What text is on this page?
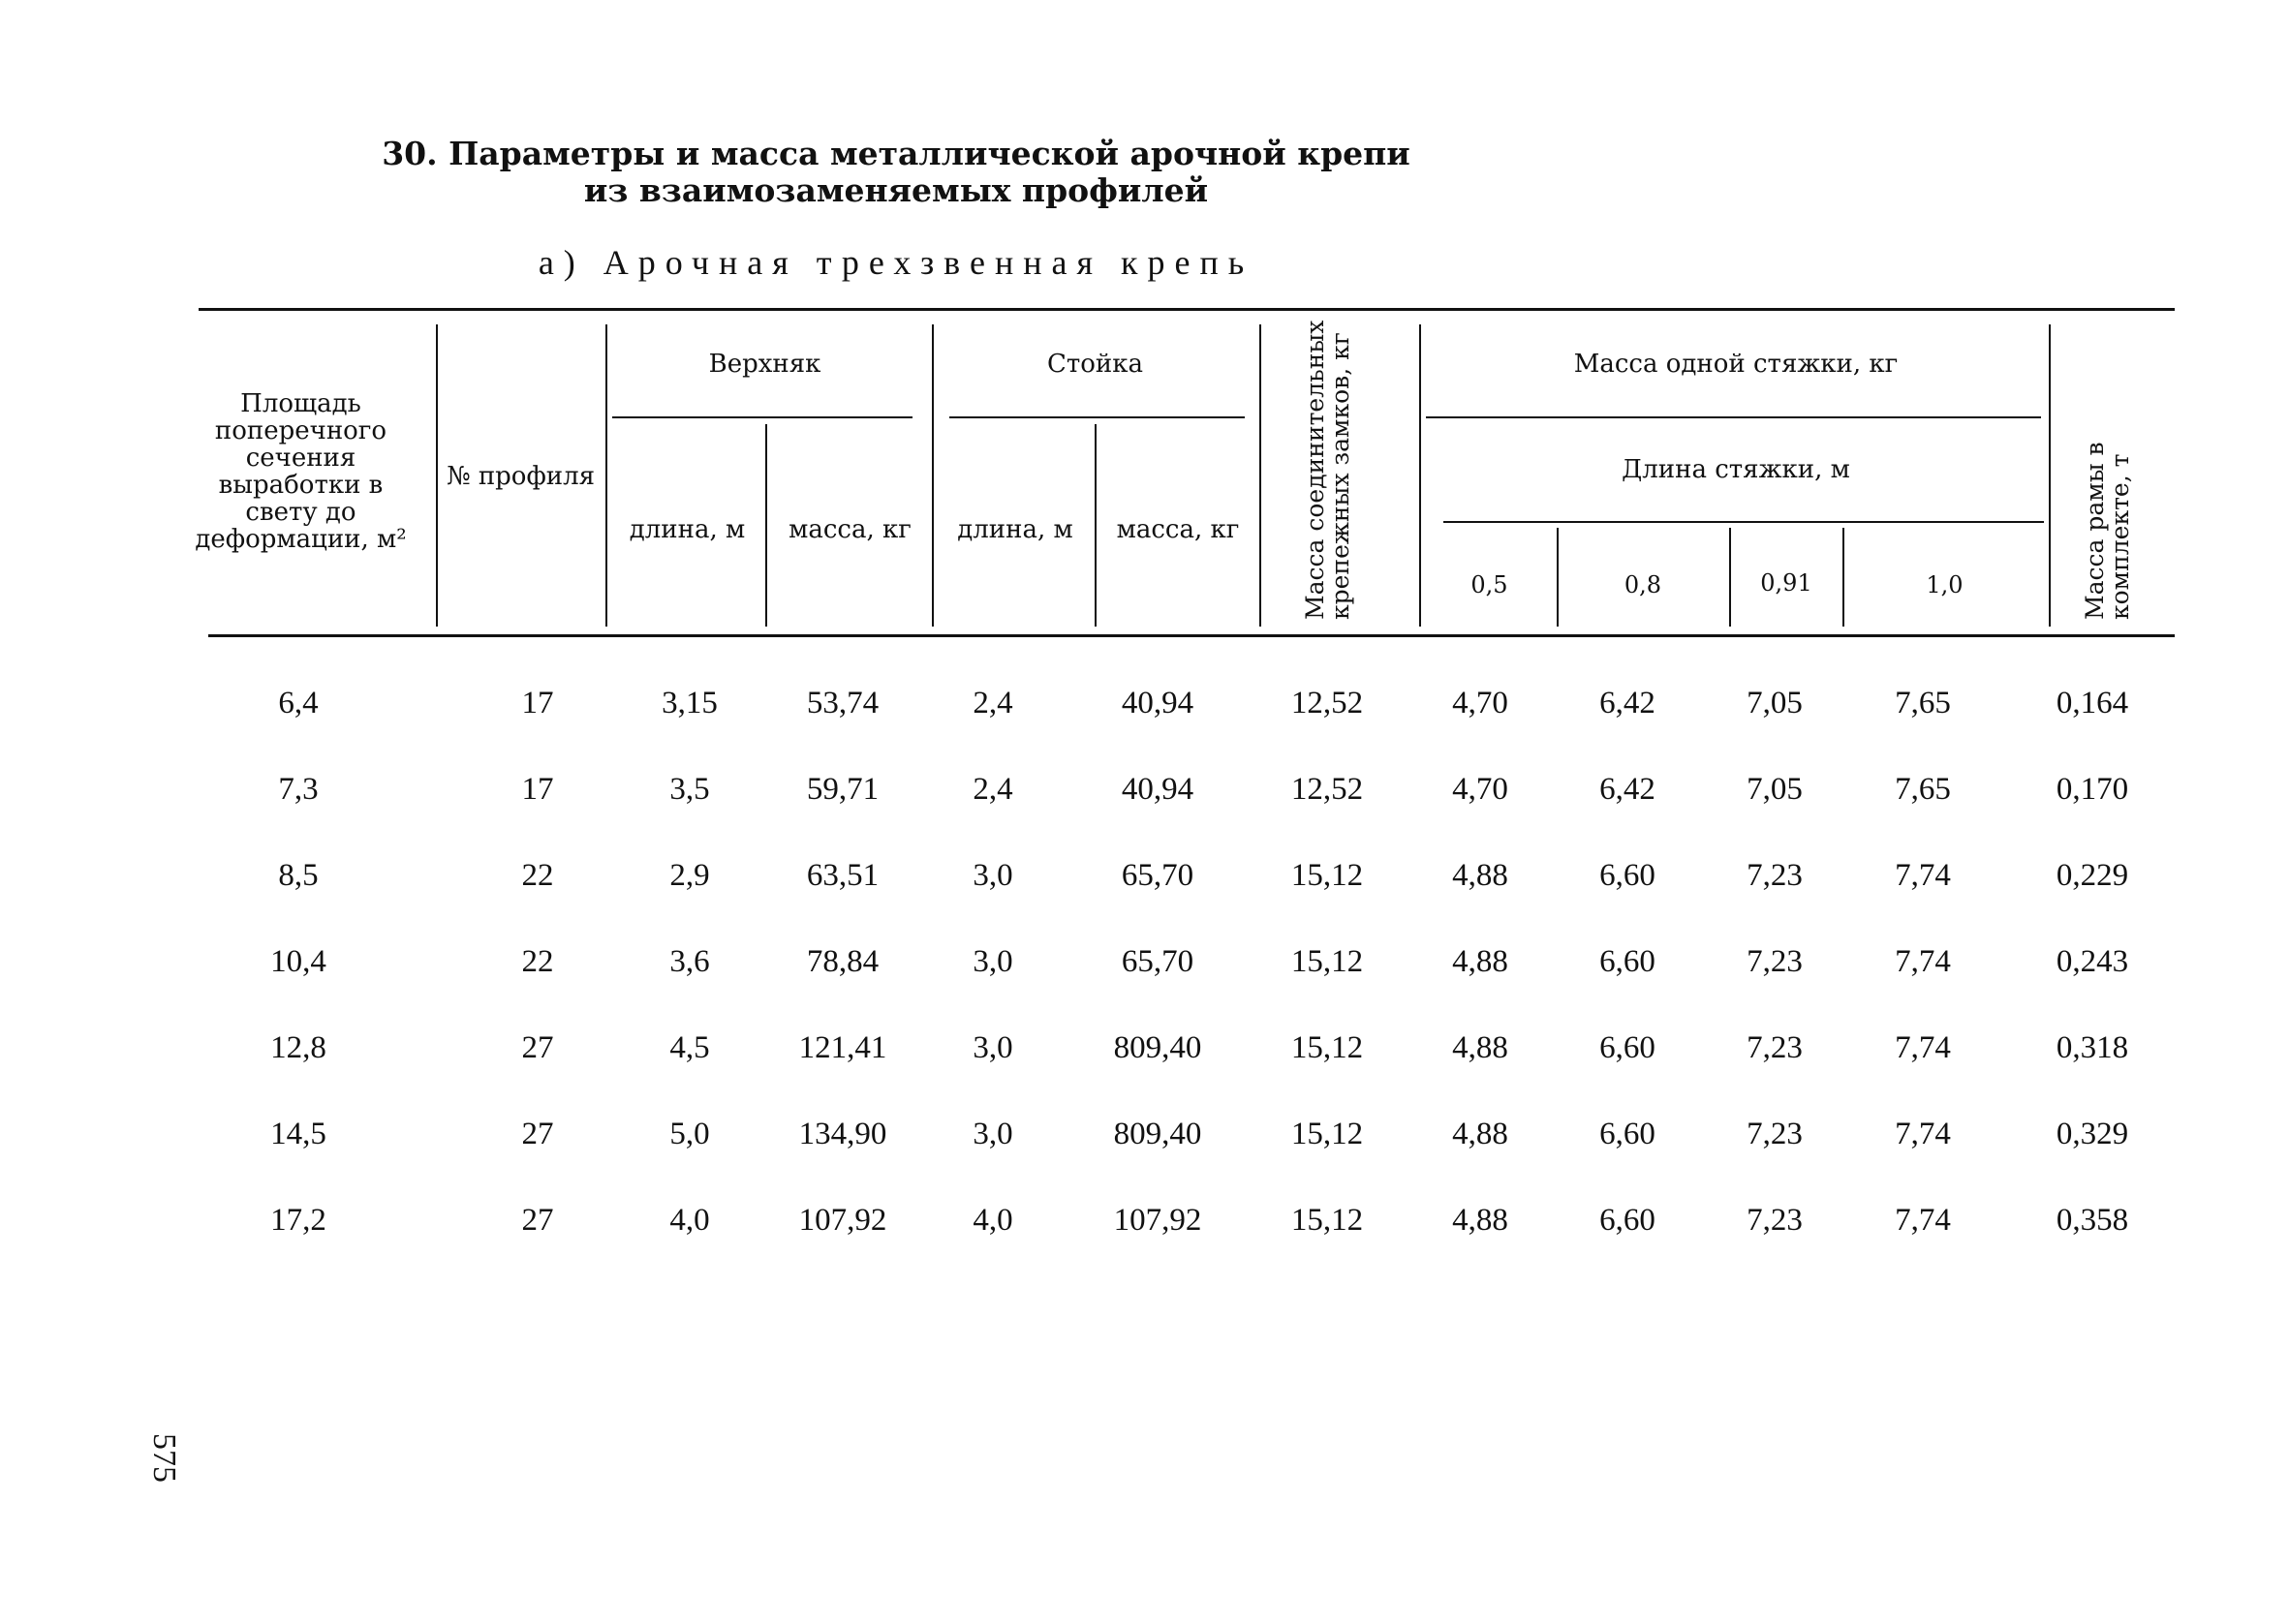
30. Параметры и масса металлической арочной крепи
из взаимозаменяемых профилей
а) Арочная трехзвенная крепь
Площадь поперечного сечения выработки в свету до деформации, м²
№ профиля
Верхняк
длина, м	масса, кг
Стойка
длина, м	масса, кг	Масса соединительных крепежных замков, кг	Масса одной стяжки, кг
Длина стяжки, м
0,5	0,8	0,91	1,0	Масса рамы в комплекте, т
6,4	17	3,15	53,74	2,4	40,94	12,52	4,70	6,42	7,05	7,65	0,164
7,3	17	3,5	59,71	2,4	40,94	12,52	4,70	6,42	7,05	7,65	0,170
8,5	22	2,9	63,51	3,0	65,70	15,12	4,88	6,60	7,23	7,74	0,229
10,4	22	3,6	78,84	3,0	65,70	15,12	4,88	6,60	7,23	7,74	0,243
12,8	27	4,5	121,41	3,0	809,40	15,12	4,88	6,60	7,23	7,74	0,318
14,5	27	5,0	134,90	3,0	809,40	15,12	4,88	6,60	7,23	7,74	0,329
17,2	27	4,0	107,92	4,0	107,92	15,12	4,88	6,60	7,23	7,74	0,358
575
